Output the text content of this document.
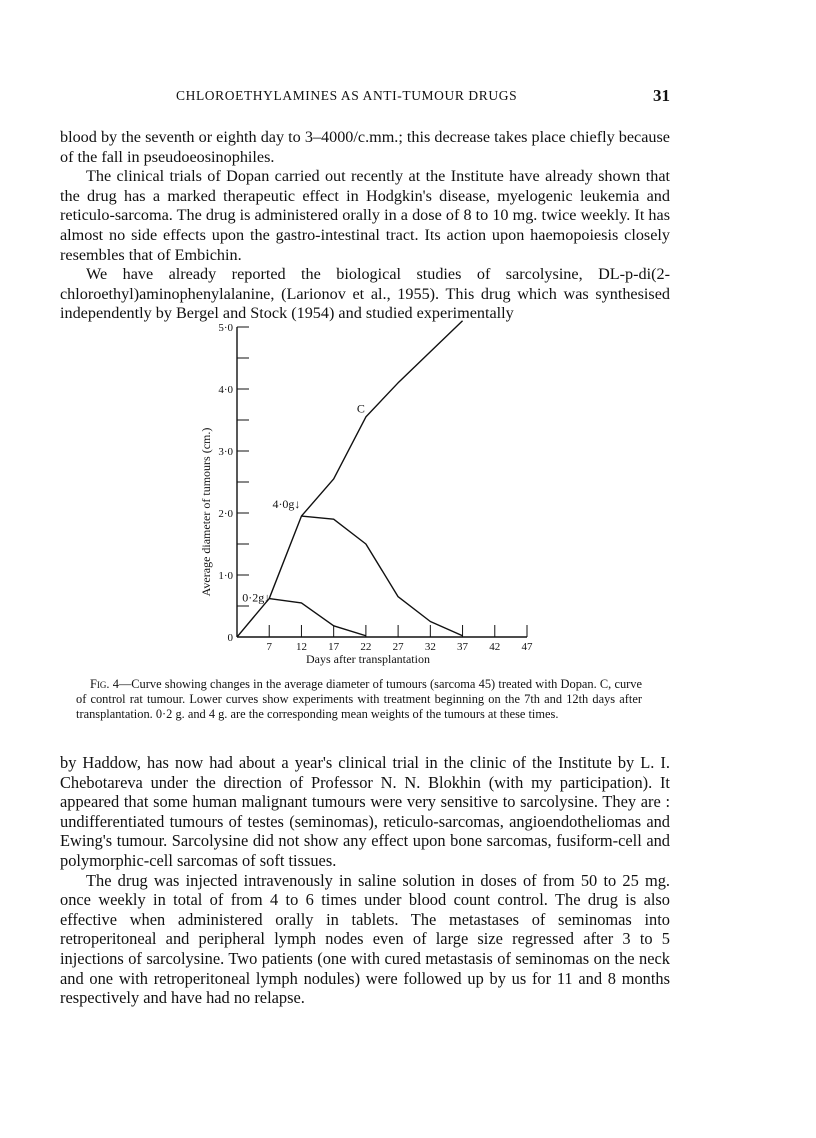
CHLOROETHYLAMINES AS ANTI-TUMOUR DRUGS	31

blood by the seventh or eighth day to 3–4000/c.mm.; this decrease takes place chiefly because of the fall in pseudoeosinophiles.

The clinical trials of Dopan carried out recently at the Institute have already shown that the drug has a marked therapeutic effect in Hodgkin's disease, myelogenic leukemia and reticulo-sarcoma. The drug is administered orally in a dose of 8 to 10 mg. twice weekly. It has almost no side effects upon the gastro-intestinal tract. Its action upon haemopoiesis closely resembles that of Embichin.

We have already reported the biological studies of sarcolysine, DL-p-di(2-chloroethyl)aminophenylalanine, (Larionov et al., 1955). This drug which was synthesised independently by Bergel and Stock (1954) and studied experimentally

0
1·0
2·0
3·0
4·0
5·0
7 12 17 22 27 32 37 42 47
Days after transplantation
Average diameter of tumours (cm.)
C
4·0g↓
0·2g↓
Fig. 4—Curve showing changes in the average diameter of tumours (sarcoma 45) treated with Dopan. C, curve of control rat tumour. Lower curves show experiments with treatment beginning on the 7th and 12th days after transplantation. 0·2 g. and 4 g. are the corresponding mean weights of the tumours at these times.

by Haddow, has now had about a year's clinical trial in the clinic of the Institute by L. I. Chebotareva under the direction of Professor N. N. Blokhin (with my participation). It appeared that some human malignant tumours were very sensitive to sarcolysine. They are : undifferentiated tumours of testes (seminomas), reticulo-sarcomas, angioendotheliomas and Ewing's tumour. Sarcolysine did not show any effect upon bone sarcomas, fusiform-cell and polymorphic-cell sarcomas of soft tissues.

The drug was injected intravenously in saline solution in doses of from 50 to 25 mg. once weekly in total of from 4 to 6 times under blood count control. The drug is also effective when administered orally in tablets. The metastases of seminomas into retroperitoneal and peripheral lymph nodes even of large size regressed after 3 to 5 injections of sarcolysine. Two patients (one with cured metastasis of seminomas on the neck and one with retroperitoneal lymph nodules) were followed up by us for 11 and 8 months respectively and have had no relapse.
